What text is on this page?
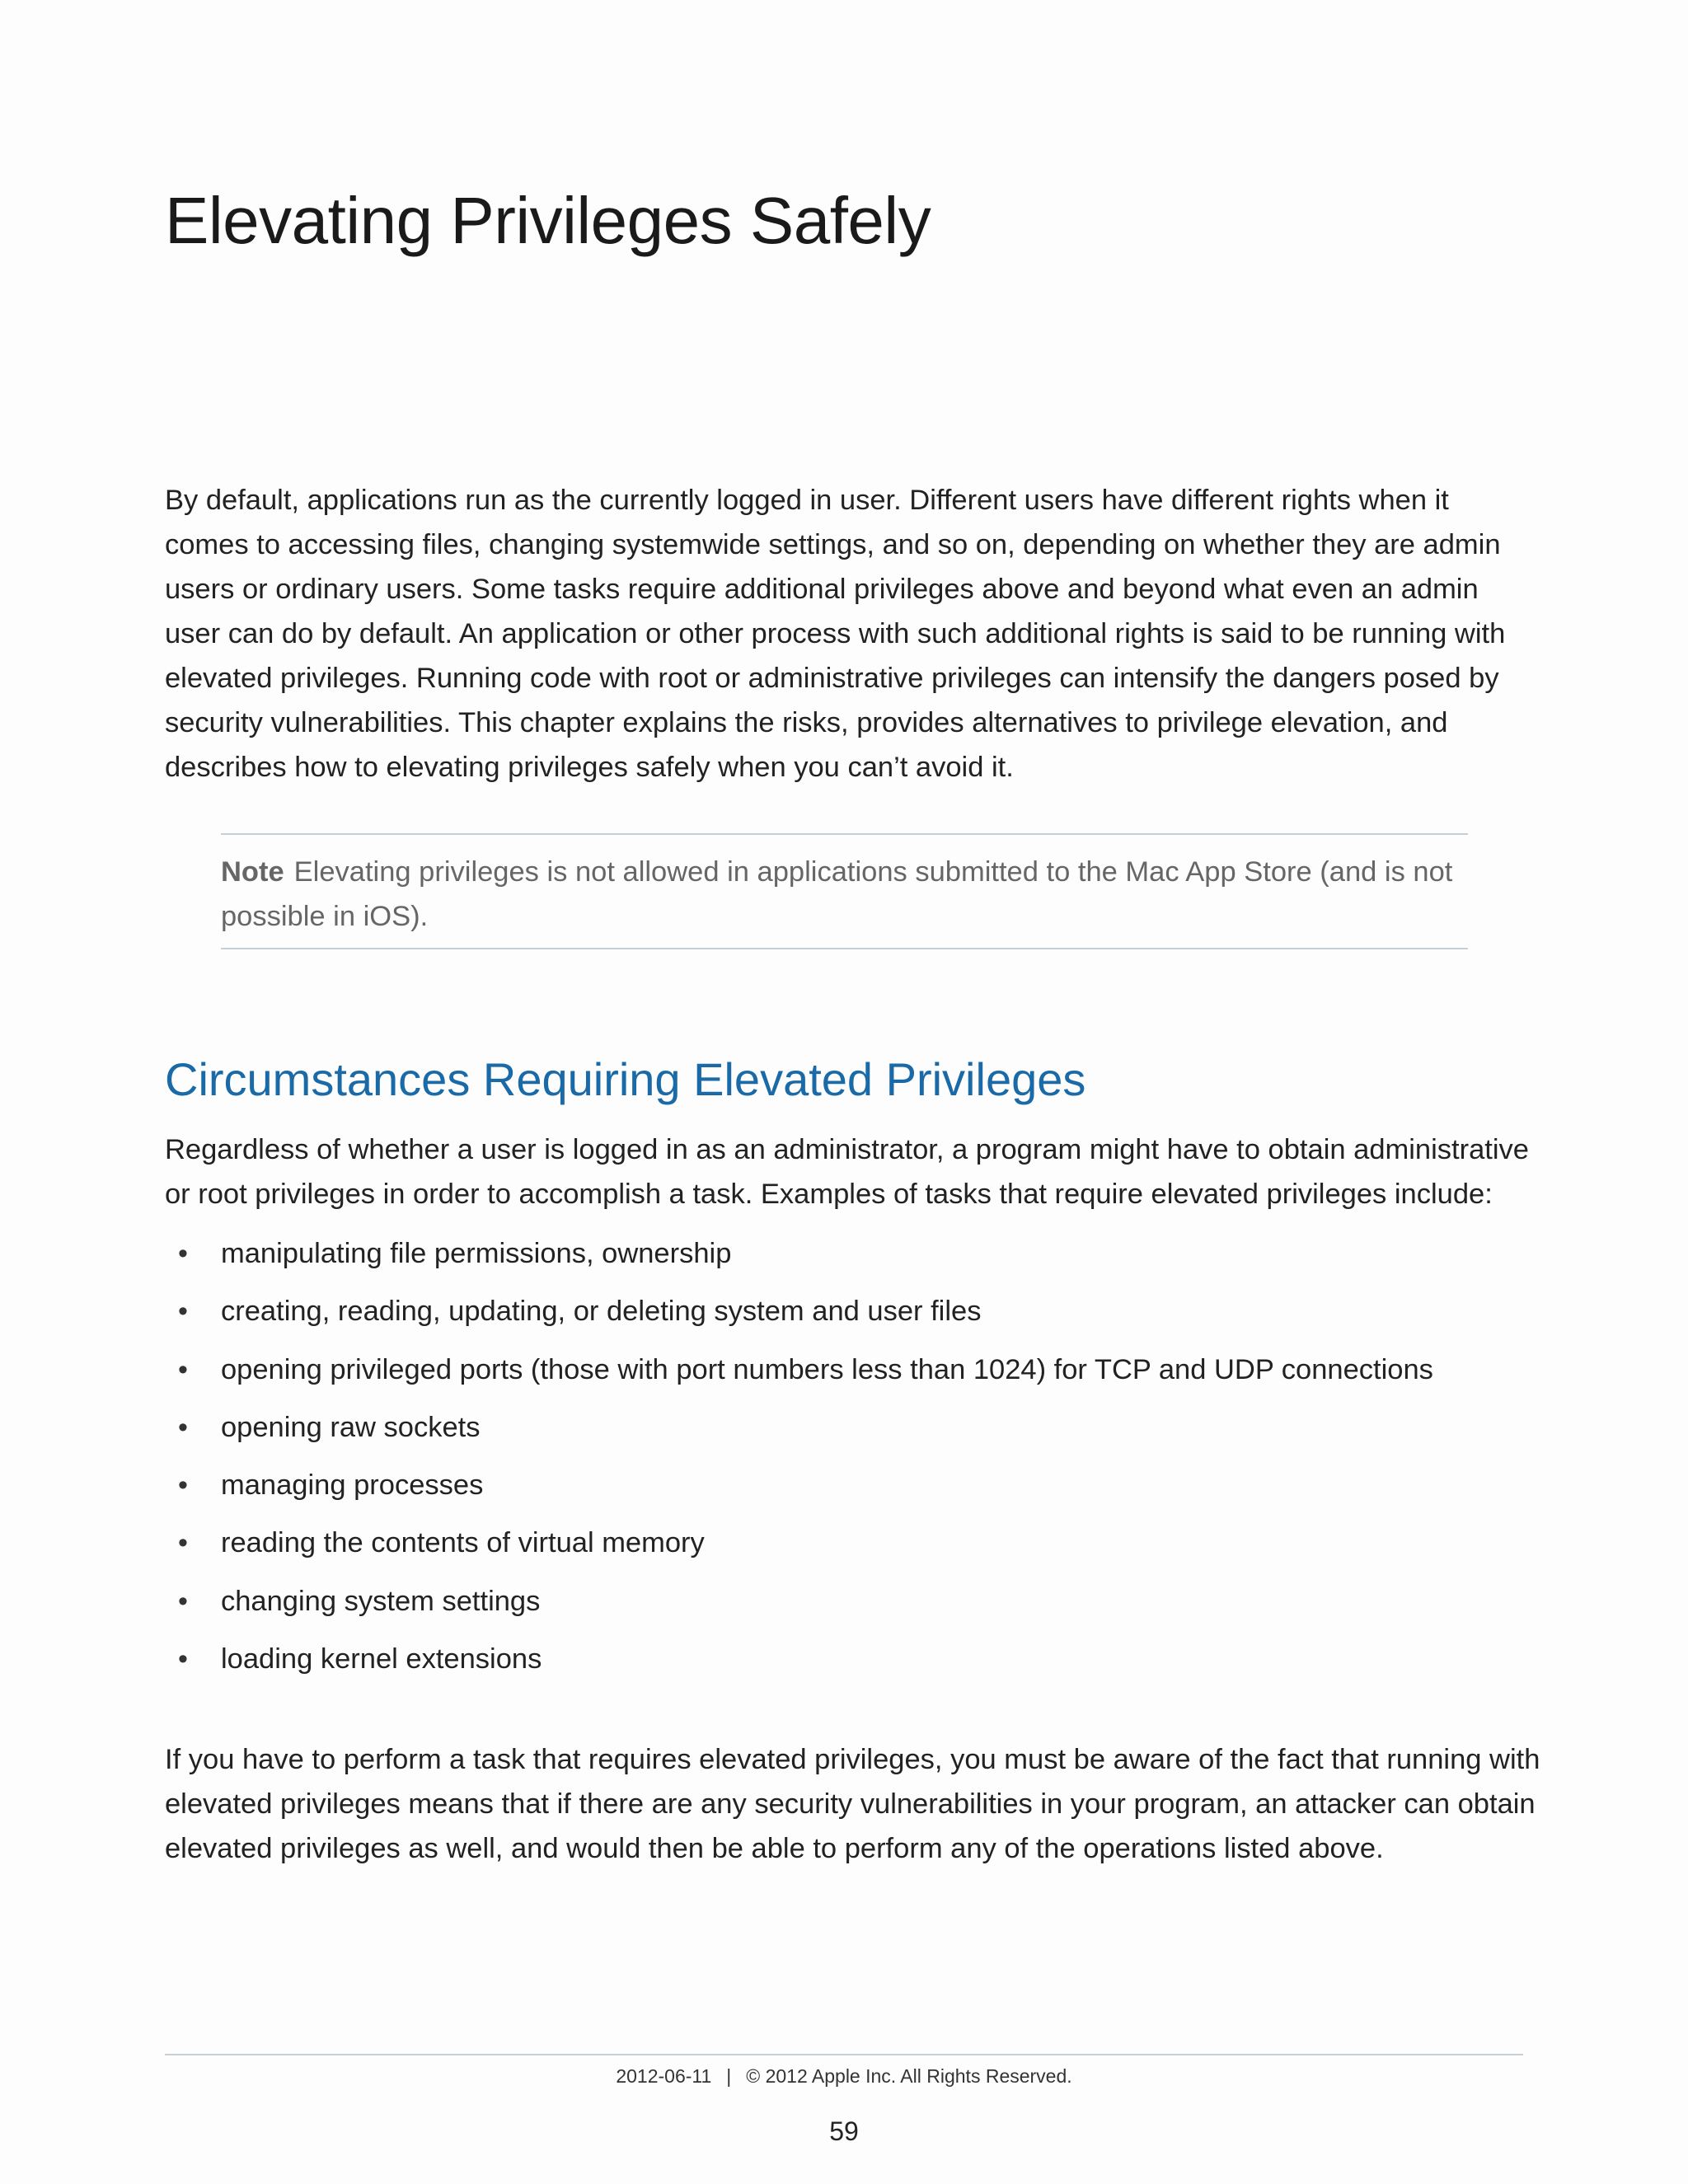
Elevating Privileges Safely

By default, applications run as the currently logged in user. Different users have different rights when it comes to accessing files, changing systemwide settings, and so on, depending on whether they are admin users or ordinary users. Some tasks require additional privileges above and beyond what even an admin user can do by default. An application or other process with such additional rights is said to be running with elevated privileges. Running code with root or administrative privileges can intensify the dangers posed by security vulnerabilities. This chapter explains the risks, provides alternatives to privilege elevation, and describes how to elevating privileges safely when you can’t avoid it.

Note Elevating privileges is not allowed in applications submitted to the Mac App Store (and is not possible in iOS).

Circumstances Requiring Elevated Privileges

Regardless of whether a user is logged in as an administrator, a program might have to obtain administrative or root privileges in order to accomplish a task. Examples of tasks that require elevated privileges include:

• manipulating file permissions, ownership
• creating, reading, updating, or deleting system and user files
• opening privileged ports (those with port numbers less than 1024) for TCP and UDP connections
• opening raw sockets
• managing processes
• reading the contents of virtual memory
• changing system settings
• loading kernel extensions

If you have to perform a task that requires elevated privileges, you must be aware of the fact that running with elevated privileges means that if there are any security vulnerabilities in your program, an attacker can obtain elevated privileges as well, and would then be able to perform any of the operations listed above.

2012-06-11 | © 2012 Apple Inc. All Rights Reserved.
59
